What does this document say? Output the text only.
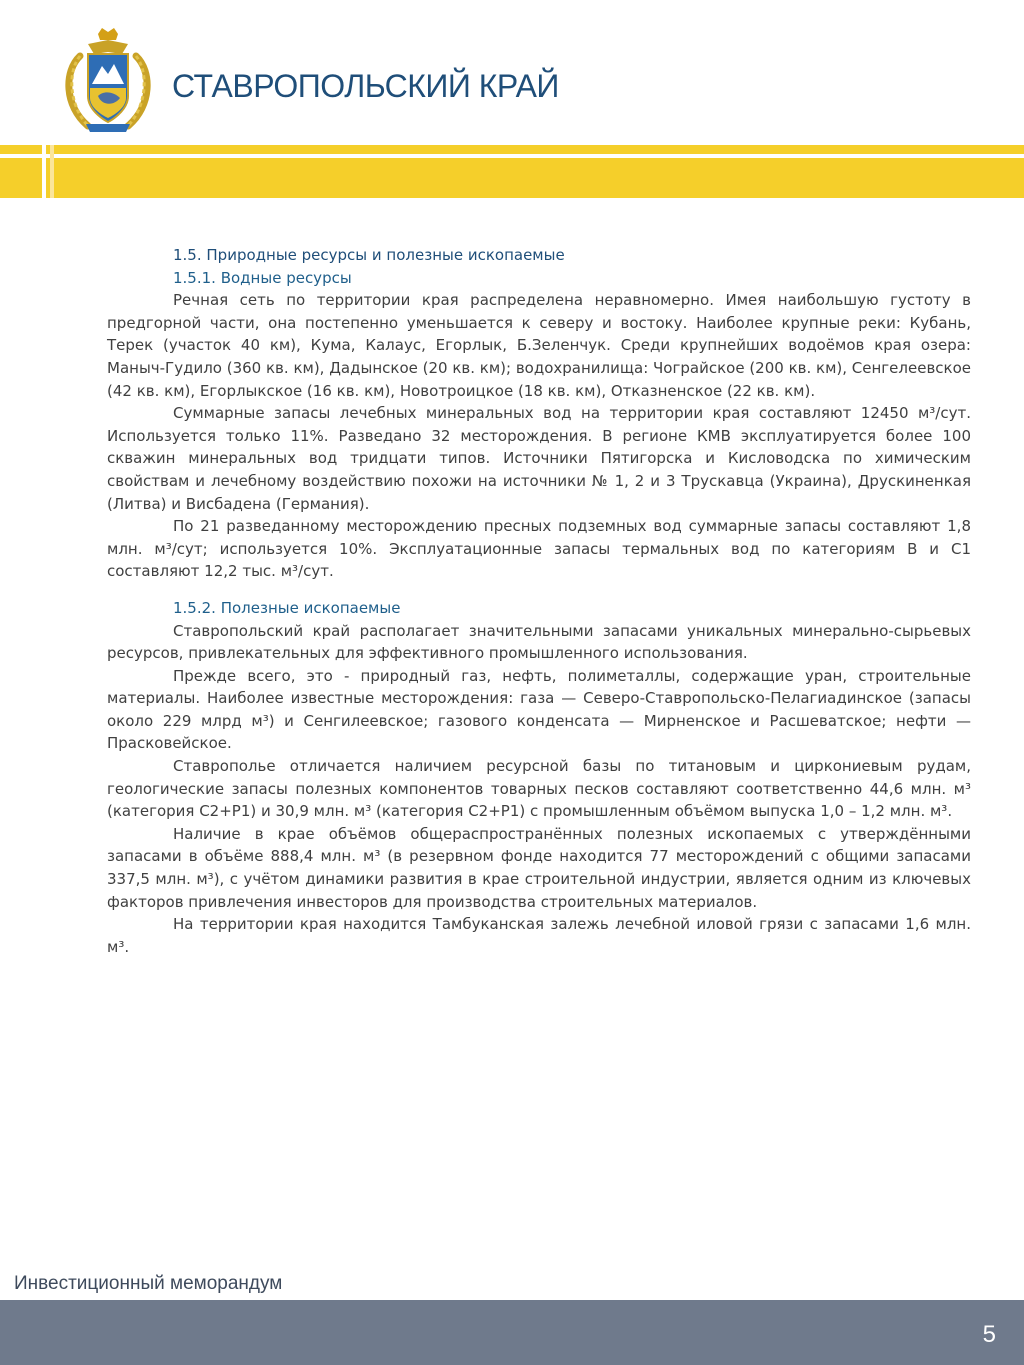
СТАВРОПОЛЬСКИЙ КРАЙ

1.5. Природные ресурсы и полезные ископаемые

1.5.1. Водные ресурсы

Речная сеть по территории края распределена неравномерно. Имея наибольшую густоту в предгорной части, она постепенно уменьшается к северу и востоку. Наиболее крупные реки: Кубань, Терек (участок 40 км), Кума, Калаус, Егорлык, Б.Зеленчук. Среди крупнейших водоёмов края озера: Маныч-Гудило (360 кв. км), Дадынское (20 кв. км); водохранилища: Чограйское (200 кв. км), Сенгелеевское (42 кв. км), Егорлыкское (16 кв. км), Новотроицкое (18 кв. км), Отказненское (22 кв. км).

Суммарные запасы лечебных минеральных вод на территории края составляют 12450 м³/сут. Используется только 11%. Разведано 32 месторождения. В регионе КМВ эксплуатируется более 100 скважин минеральных вод тридцати типов. Источники Пятигорска и Кисловодска по химическим свойствам и лечебному воздействию похожи на источники № 1, 2 и 3 Трускавца (Украина), Друскиненкая (Литва) и Висбадена (Германия).

По 21 разведанному месторождению пресных подземных вод суммарные запасы составляют 1,8 млн. м³/сут; используется 10%. Эксплуатационные запасы термальных вод по категориям В и С1 составляют 12,2 тыс. м³/сут.

1.5.2. Полезные ископаемые

Ставропольский край располагает значительными запасами уникальных минерально-сырьевых ресурсов, привлекательных для эффективного промышленного использования.

Прежде всего, это - природный газ, нефть, полиметаллы, содержащие уран, строительные материалы. Наиболее известные месторождения: газа — Северо-Ставропольско-Пелагиадинское (запасы около 229 млрд м³) и Сенгилеевское; газового конденсата — Мирненское и Расшеватское; нефти — Прасковейское.

Ставрополье отличается наличием ресурсной базы по титановым и циркониевым рудам, геологические запасы полезных компонентов товарных песков составляют соответственно 44,6 млн. м³ (категория С2+Р1) и 30,9 млн. м³ (категория С2+Р1) с промышленным объёмом выпуска 1,0 – 1,2 млн. м³.

Наличие в крае объёмов общераспространённых полезных ископаемых с утверждёнными запасами в объёме 888,4 млн. м³ (в резервном фонде находится 77 месторождений с общими запасами 337,5 млн. м³), с учётом динамики развития в крае строительной индустрии, является одним из ключевых факторов привлечения инвесторов для производства строительных материалов.

На территории края находится Тамбуканская залежь лечебной иловой грязи с запасами 1,6 млн. м³.

Инвестиционный меморандум
5
